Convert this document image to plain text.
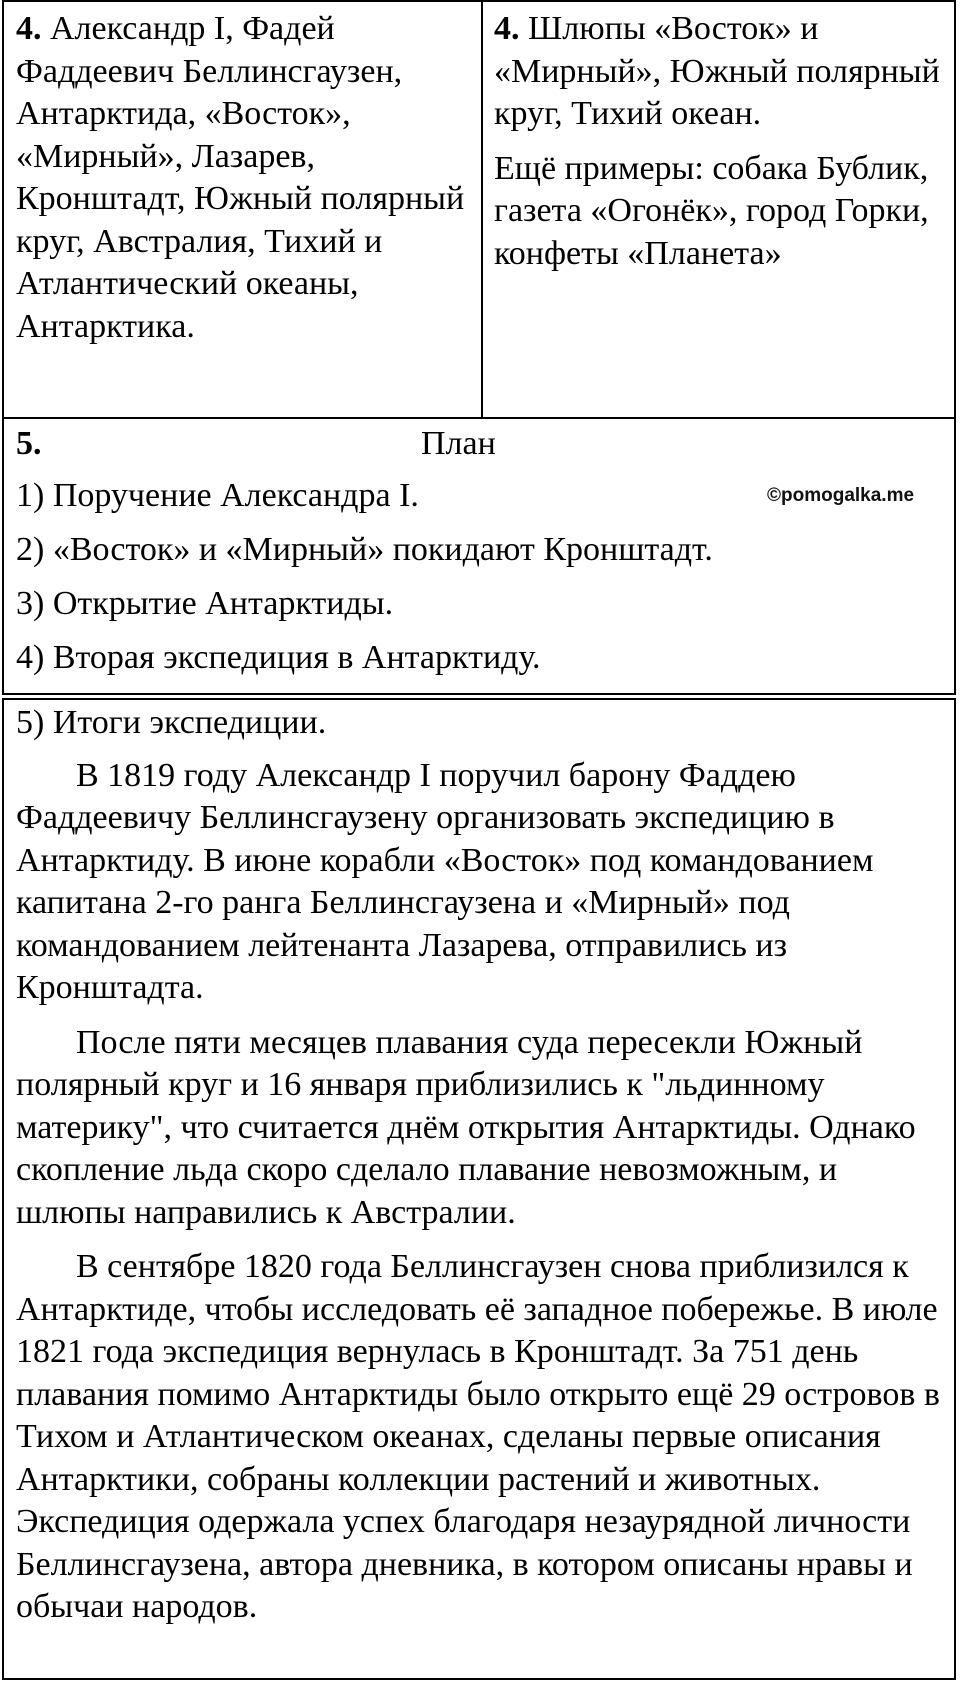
4. Александр I, Фадей Фаддеевич Беллинсгаузен, Антарктида, «Восток», «Мирный», Лазарев, Кронштадт, Южный полярный круг, Австралия, Тихий и Атлантический океаны, Антарктика.

4. Шлюпы «Восток» и «Мирный», Южный полярный круг, Тихий океан.

Ещё примеры: собака Бублик, газета «Огонёк», город Горки, конфеты «Планета»

5.	План
1) Поручение Александра I.
2) «Восток» и «Мирный» покидают Кронштадт.
3) Открытие Антарктиды.
4) Вторая экспедиция в Антарктиду.
©pomogalka.me

5) Итоги экспедиции.

В 1819 году Александр I поручил барону Фаддею Фаддеевичу Беллинсгаузену организовать экспедицию в Антарктиду. В июне корабли «Восток» под командованием капитана 2-го ранга Беллинсгаузена и «Мирный» под командованием лейтенанта Лазарева, отправились из Кронштадта.

После пяти месяцев плавания суда пересекли Южный полярный круг и 16 января приблизились к "льдинному материку", что считается днём открытия Антарктиды. Однако скопление льда скоро сделало плавание невозможным, и шлюпы направились к Австралии.

В сентябре 1820 года Беллинсгаузен снова приблизился к Антарктиде, чтобы исследовать её западное побережье. В июле 1821 года экспедиция вернулась в Кронштадт. За 751 день плавания помимо Антарктиды было открыто ещё 29 островов в Тихом и Атлантическом океанах, сделаны первые описания Антарктики, собраны коллекции растений и животных. Экспедиция одержала успех благодаря незаурядной личности Беллинсгаузена, автора дневника, в котором описаны нравы и обычаи народов.
